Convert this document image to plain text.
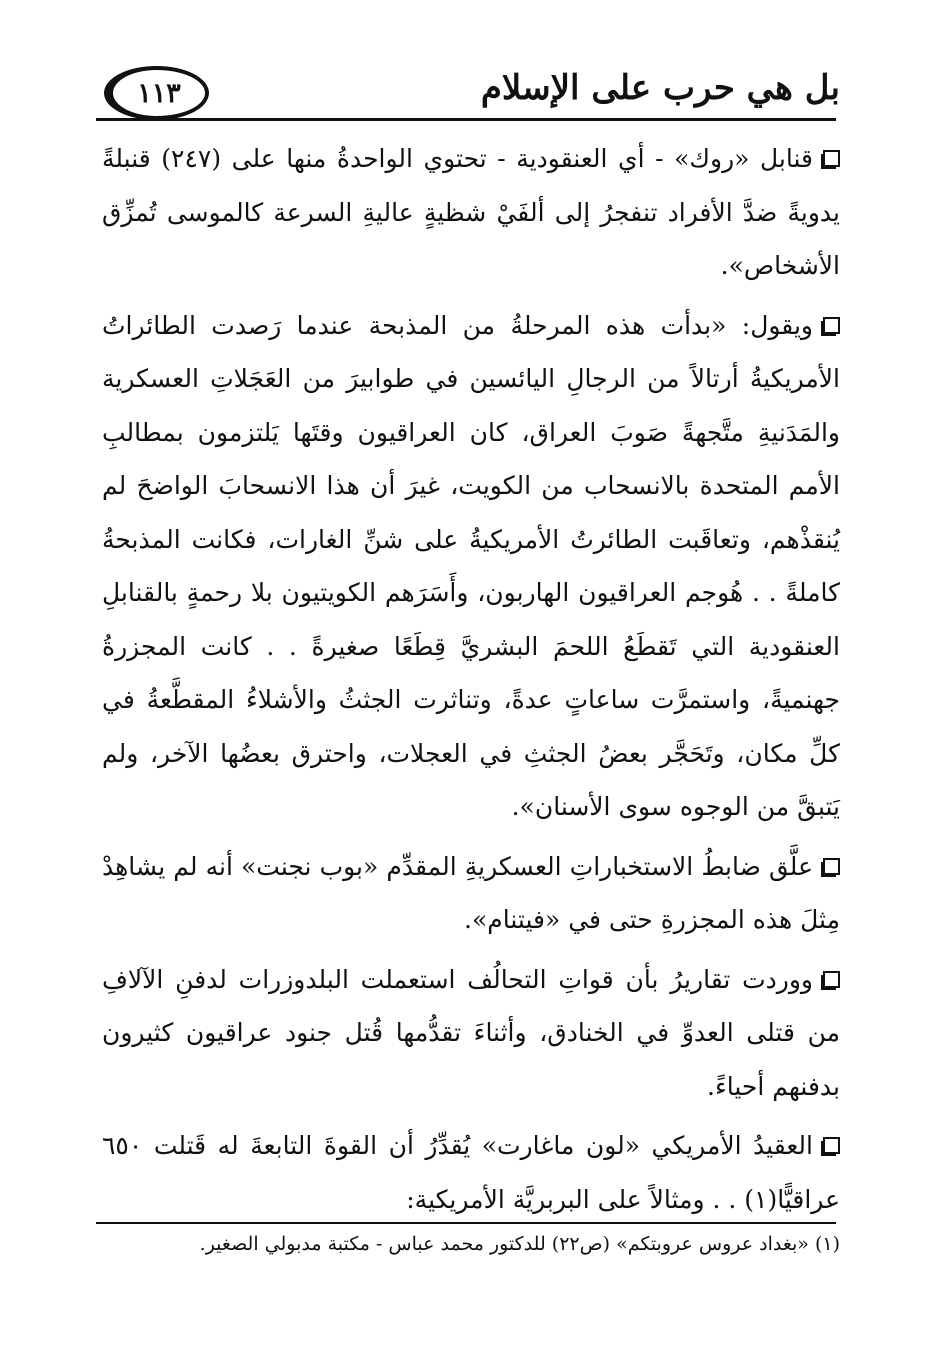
بل هي حرب على الإسلام
١١٣

قنابل «روك» - أي العنقودية - تحتوي الواحدةُ منها على (٢٤٧) قنبلةً يدويةً ضدَّ الأفراد تنفجرُ إلى ألفَيْ شظيةٍ عاليةِ السرعة كالموسى تُمزِّق الأشخاص».

ويقول: «بدأت هذه المرحلةُ من المذبحة عندما رَصدت الطائراتُ الأمريكيةُ أرتالاً من الرجالِ اليائسين في طوابيرَ من العَجَلاتِ العسكرية والمَدَنيةِ متَّجهةً صَوبَ العراق، كان العراقيون وقتَها يَلتزمون بمطالبِ الأمم المتحدة بالانسحاب من الكويت، غيرَ أن هذا الانسحابَ الواضحَ لم يُنقذْهم، وتعاقَبت الطائرتُ الأمريكيةُ على شنِّ الغارات، فكانت المذبحةُ كاملةً . . هُوجم العراقيون الهاربون، وأَسَرَهم الكويتيون بلا رحمةٍ بالقنابلِ العنقودية التي تَقطَعُ اللحمَ البشريَّ قِطَعًا صغيرةً . . كانت المجزرةُ جهنميةً، واستمرَّت ساعاتٍ عدةً، وتناثرت الجثثُ والأشلاءُ المقطَّعةُ في كلِّ مكان، وتَحَجَّر بعضُ الجثثِ في العجلات، واحترق بعضُها الآخر، ولم يَتبقَّ من الوجوه سوى الأسنان».

علَّق ضابطُ الاستخباراتِ العسكريةِ المقدِّم «بوب نجنت» أنه لم يشاهِدْ مِثلَ هذه المجزرةِ حتى في «فيتنام».

ووردت تقاريرُ بأن قواتِ التحالُف استعملت البلدوزرات لدفنِ الآلافِ من قتلى العدوِّ في الخنادق، وأثناءَ تقدُّمها قُتل جنود عراقيون كثيرون بدفنهم أحياءً.

العقيدُ الأمريكي «لون ماغارت» يُقدِّرُ أن القوةَ التابعةَ له قَتلت ٦٥٠ عراقيًّا(١) . . ومثالاً على البربريَّة الأمريكية:

(١) «بغداد عروس عروبتكم» (ص٢٢) للدكتور محمد عباس - مكتبة مدبولي الصغير.
